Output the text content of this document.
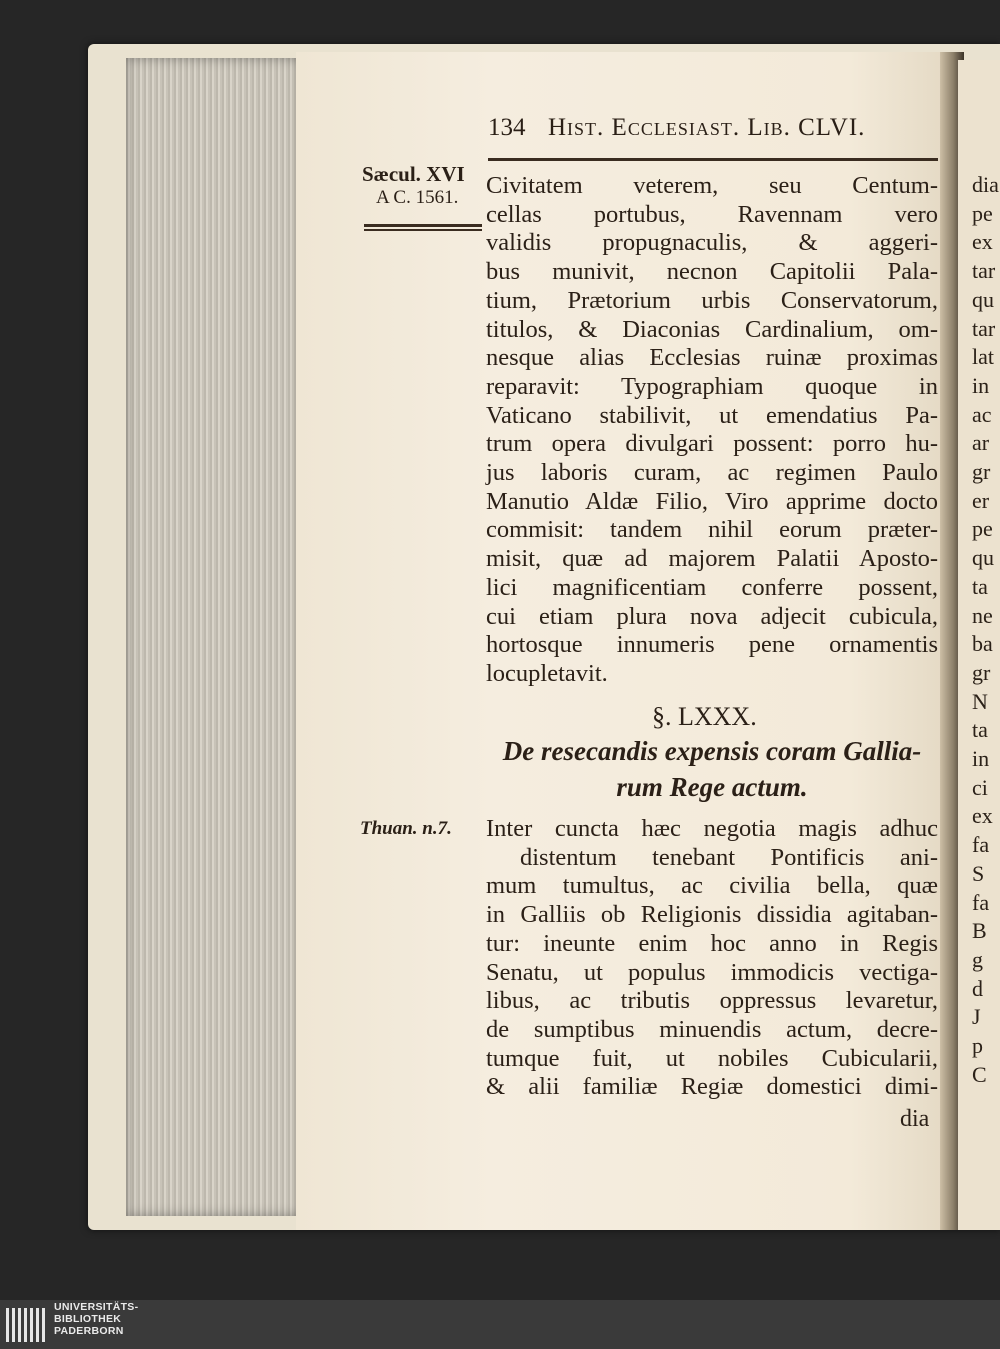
dia
pe
ex
tar
qu
tar
lat
in
ac
ar
gr
er
pe
qu
ta
ne
ba
gr
N
ta
in
ci
ex
fa
S
fa
B
g
d
J
p
C
134 Hist. Ecclesiast. Lib. CLVI.
Sæcul. XVI
A C. 1561. Civitatem veterem, seu Centum-
cellas portubus, Ravennam vero
validis propugnaculis, & aggeri-
bus munivit, necnon Capitolii Pala-
tium, Prætorium urbis Conservatorum,
titulos, & Diaconias Cardinalium, om-
nesque alias Ecclesias ruinæ proximas
reparavit: Typographiam quoque in
Vaticano stabilivit, ut emendatius Pa-
trum opera divulgari possent: porro hu-
jus laboris curam, ac regimen Paulo
Manutio Aldæ Filio, Viro apprime docto
commisit: tandem nihil eorum præter-
misit, quæ ad majorem Palatii Aposto-
lici magnificentiam conferre possent,
cui etiam plura nova adjecit cubicula,
hortosque innumeris pene ornamentis
locupletavit.
§. LXXX.
De resecandis expensis coram Gallia-
rum Rege actum.
Thuan. n.7. Inter cuncta hæc negotia magis adhuc
distentum tenebant Pontificis ani-
mum tumultus, ac civilia bella, quæ
in Galliis ob Religionis dissidia agitaban-
tur: ineunte enim hoc anno in Regis
Senatu, ut populus immodicis vectiga-
libus, ac tributis oppressus levaretur,
de sumptibus minuendis actum, decre-
tumque fuit, ut nobiles Cubicularii,
& alii familiæ Regiæ domestici dimi-
dia
UNIVERSITÄTS-
BIBLIOTHEK
PADERBORN
